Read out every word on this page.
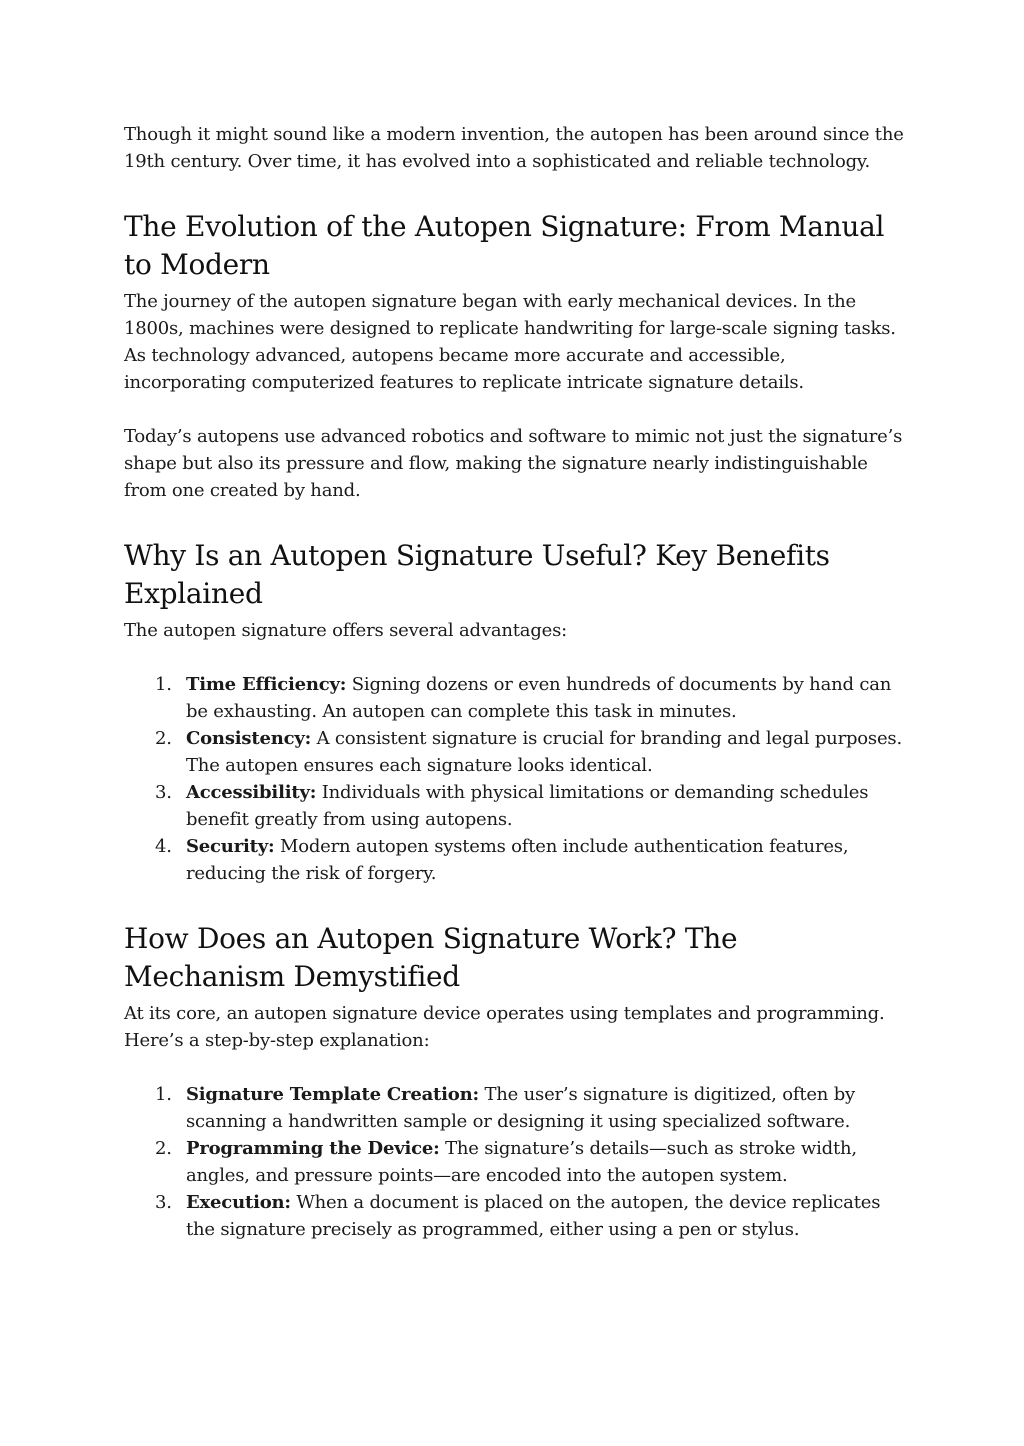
Though it might sound like a modern invention, the autopen has been around since the 19th century. Over time, it has evolved into a sophisticated and reliable technology.

The Evolution of the Autopen Signature: From Manual to Modern

The journey of the autopen signature began with early mechanical devices. In the 1800s, machines were designed to replicate handwriting for large-scale signing tasks. As technology advanced, autopens became more accurate and accessible, incorporating computerized features to replicate intricate signature details.

Today’s autopens use advanced robotics and software to mimic not just the signature’s shape but also its pressure and flow, making the signature nearly indistinguishable from one created by hand.

Why Is an Autopen Signature Useful? Key Benefits Explained

The autopen signature offers several advantages:

1. Time Efficiency: Signing dozens or even hundreds of documents by hand can be exhausting. An autopen can complete this task in minutes.
2. Consistency: A consistent signature is crucial for branding and legal purposes. The autopen ensures each signature looks identical.
3. Accessibility: Individuals with physical limitations or demanding schedules benefit greatly from using autopens.
4. Security: Modern autopen systems often include authentication features, reducing the risk of forgery.
How Does an Autopen Signature Work? The Mechanism Demystified

At its core, an autopen signature device operates using templates and programming. Here’s a step-by-step explanation:

1. Signature Template Creation: The user’s signature is digitized, often by scanning a handwritten sample or designing it using specialized software.
2. Programming the Device: The signature’s details—such as stroke width, angles, and pressure points—are encoded into the autopen system.
3. Execution: When a document is placed on the autopen, the device replicates the signature precisely as programmed, either using a pen or stylus.
